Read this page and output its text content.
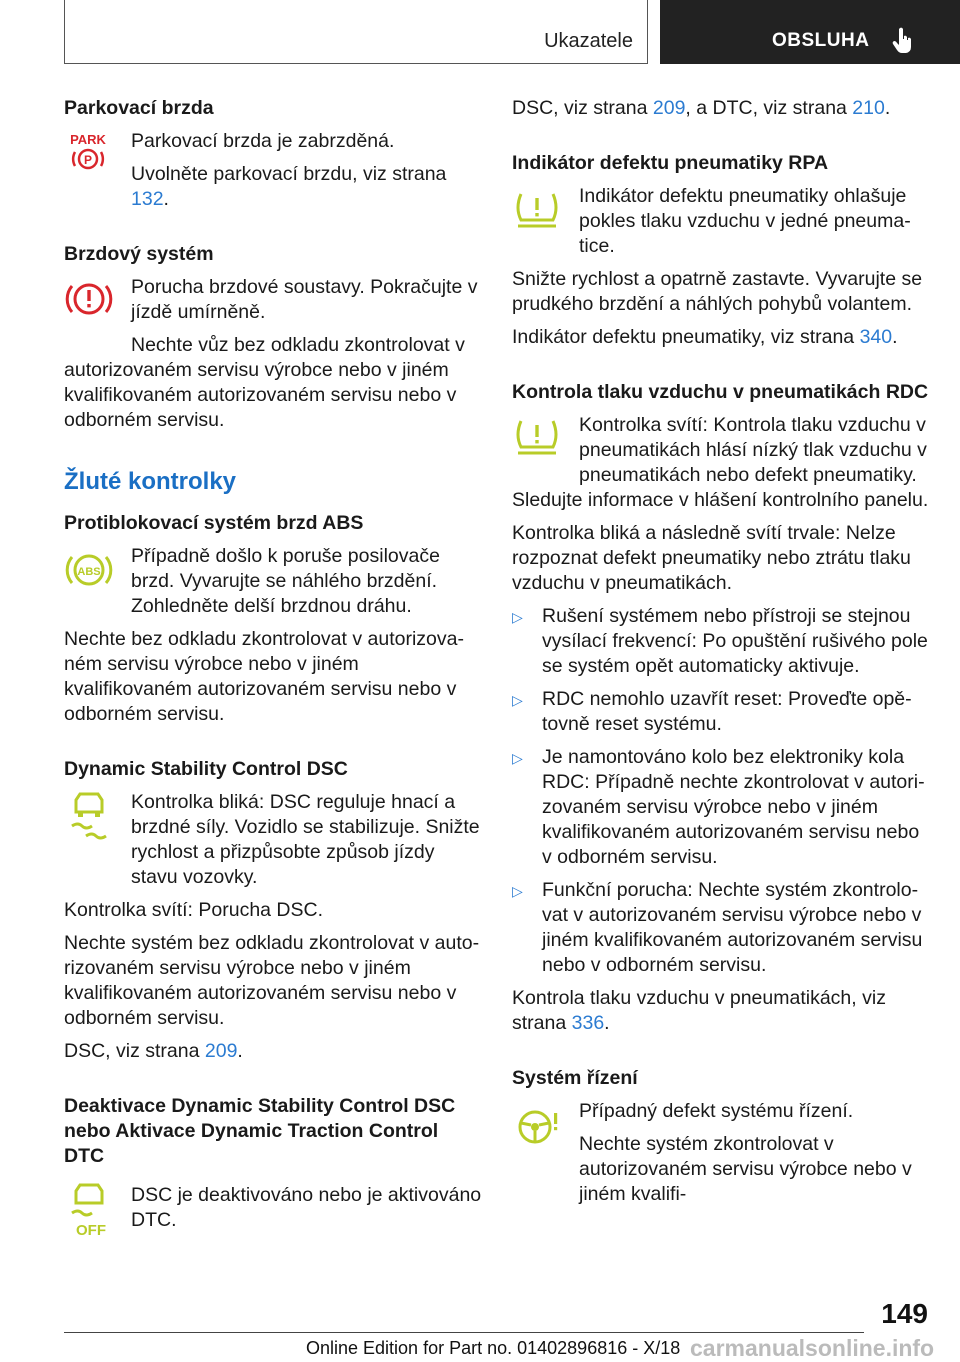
Ukazatele	OBSLUHA
Parkovací brzda
PARK
P

Parkovací brzda je zabrzděná.

Uvolněte parkovací brzdu, viz strana 132.

Brzdový systém

Porucha brzdové soustavy. Pokračujte v jízdě umírněně.

Nechte vůz bez odkladu zkontrolovat v autorizovaném servisu výrobce nebo v jiném kvalifikovaném autorizovaném servisu nebo v odborném servisu.

Žluté kontrolky
Protiblokovací systém brzd ABS
ABS

Případně došlo k poruše posilovače brzd. Vyvarujte se náhlého brzdění. Zohledněte delší brzdnou dráhu.

Nechte bez odkladu zkontrolovat v autorizovaném servisu výrobce nebo v jiném kvalifikovaném autorizovaném servisu nebo v odborném servisu.

Dynamic Stability Control DSC

Kontrolka bliká: DSC reguluje hnací a brzdné síly. Vozidlo se stabilizuje. Snižte rychlost a přizpůsobte způsob jízdy stavu vozovky.

Kontrolka svítí: Porucha DSC.

Nechte systém bez odkladu zkontrolovat v autorizovaném servisu výrobce nebo v jiném kvalifikovaném autorizovaném servisu nebo v odborném servisu.

DSC, viz strana 209.

Deaktivace Dynamic Stability Control DSC nebo Aktivace Dynamic Traction Control DTC
OFF

DSC je deaktivováno nebo je aktivováno DTC.

DSC, viz strana 209, a DTC, viz strana 210.

Indikátor defektu pneumatiky RPA

Indikátor defektu pneumatiky ohlašuje pokles tlaku vzduchu v jedné pneumatice.

Snižte rychlost a opatrně zastavte. Vyvarujte se prudkého brzdění a náhlých pohybů volantem.

Indikátor defektu pneumatiky, viz strana 340.

Kontrola tlaku vzduchu v pneumatikách RDC

Kontrolka svítí: Kontrola tlaku vzduchu v pneumatikách hlásí nízký tlak vzduchu v pneumatikách nebo defekt pneumatiky.

Sledujte informace v hlášení kontrolního panelu.

Kontrolka bliká a následně svítí trvale: Nelze rozpoznat defekt pneumatiky nebo ztrátu tlaku vzduchu v pneumatikách.

▷ Rušení systémem nebo přístroji se stejnou vysílací frekvencí: Po opuštění rušivého pole se systém opět automaticky aktivuje.

▷ RDC nemohlo uzavřít reset: Proveďte opětovně reset systému.

▷ Je namontováno kolo bez elektroniky kola RDC: Případně nechte zkontrolovat v autorizovaném servisu výrobce nebo v jiném kvalifikovaném autorizovaném servisu nebo v odborném servisu.

▷ Funkční porucha: Nechte systém zkontrolovat v autorizovaném servisu výrobce nebo v jiném kvalifikovaném autorizovaném servisu nebo v odborném servisu.

Kontrola tlaku vzduchu v pneumatikách, viz strana 336.

Systém řízení

Případný defekt systému řízení.

Nechte systém zkontrolovat v autorizovaném servisu výrobce nebo v jiném kvalifi-

149
Online Edition for Part no. 01402896816 - X/18 carmanualsonline.info
